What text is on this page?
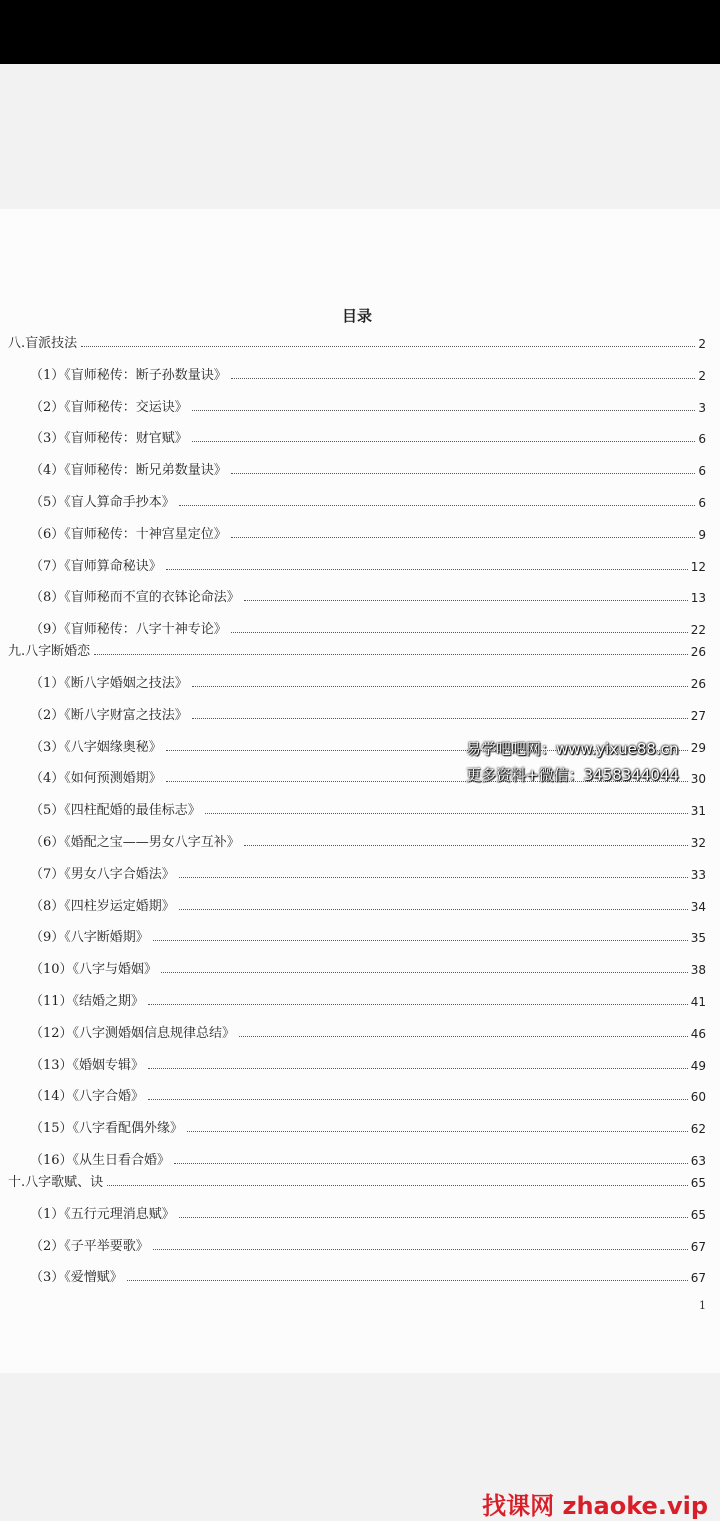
目录
八.盲派技法	2
（1）《盲师秘传：断子孙数量诀》	2
（2）《盲师秘传：交运诀》	3
（3）《盲师秘传：财官赋》	6
（4）《盲师秘传：断兄弟数量诀》	6
（5）《盲人算命手抄本》	6
（6）《盲师秘传：十神宫星定位》	9
（7）《盲师算命秘诀》	12
（8）《盲师秘而不宣的衣钵论命法》	13
（9）《盲师秘传：八字十神专论》	22
九.八字断婚恋	26
（1）《断八字婚姻之技法》	26
（2）《断八字财富之技法》	27
（3）《八字姻缘奥秘》	29
（4）《如何预测婚期》	30
（5）《四柱配婚的最佳标志》	31
（6）《婚配之宝——男女八字互补》	32
（7）《男女八字合婚法》	33
（8）《四柱岁运定婚期》	34
（9）《八字断婚期》	35
（10）《八字与婚姻》	38
（11）《结婚之期》	41
（12）《八字测婚姻信息规律总结》	46
（13）《婚姻专辑》	49
（14）《八字合婚》	60
（15）《八字看配偶外缘》	62
（16）《从生日看合婚》	63
十.八字歌赋、诀	65
（1）《五行元理消息赋》	65
（2）《子平举要歌》	67
（3）《爱憎赋》	67
1
易学吧吧网：www.yixue88.cn
更多资料+微信：3458344044
找课网 zhaoke.vip
